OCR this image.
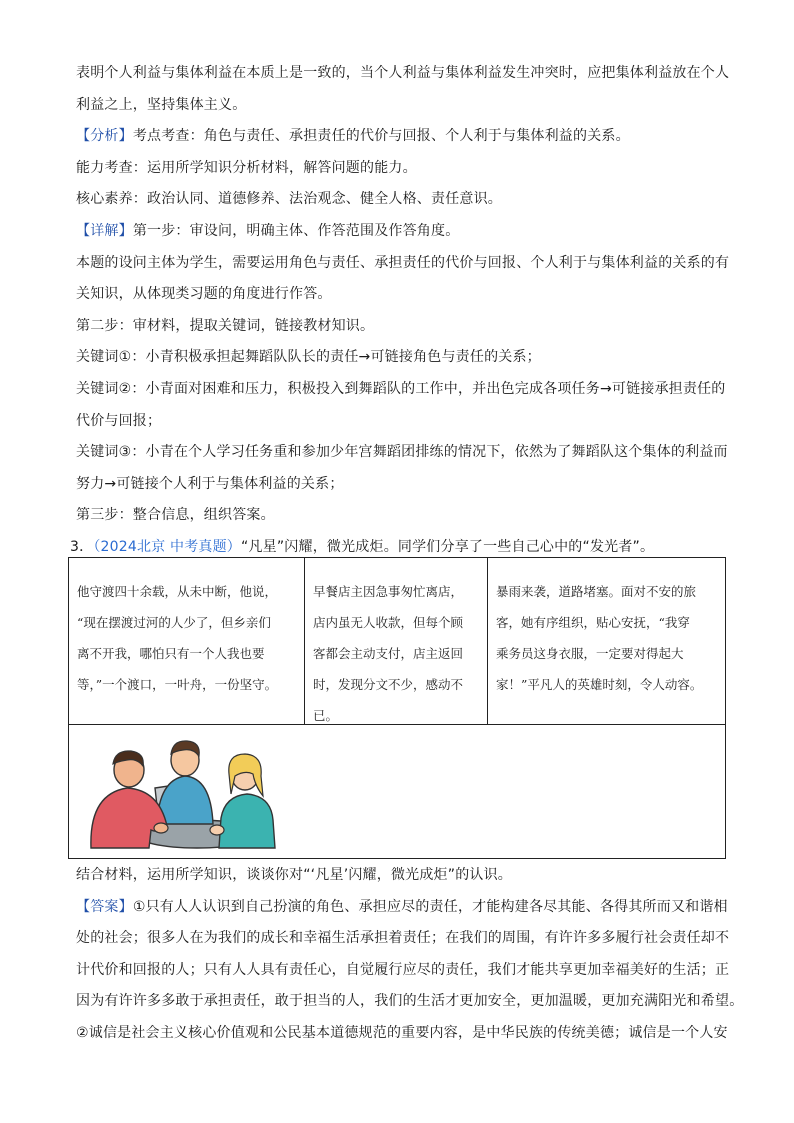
表明个人利益与集体利益在本质上是一致的，当个人利益与集体利益发生冲突时，应把集体利益放在个人
利益之上，坚持集体主义。
【分析】考点考查：角色与责任、承担责任的代价与回报、个人利于与集体利益的关系。
能力考查：运用所学知识分析材料，解答问题的能力。
核心素养：政治认同、道德修养、法治观念、健全人格、责任意识。
【详解】第一步：审设问，明确主体、作答范围及作答角度。
本题的设问主体为学生，需要运用角色与责任、承担责任的代价与回报、个人利于与集体利益的关系的有
关知识，从体现类习题的角度进行作答。
第二步：审材料，提取关键词，链接教材知识。
关键词①：小青积极承担起舞蹈队队长的责任→可链接角色与责任的关系；
关键词②：小青面对困难和压力，积极投入到舞蹈队的工作中，并出色完成各项任务→可链接承担责任的
代价与回报；
关键词③：小青在个人学习任务重和参加少年宫舞蹈团排练的情况下，依然为了舞蹈队这个集体的利益而
努力→可链接个人利于与集体利益的关系；
第三步：整合信息，组织答案。
3．（2024北京 中考真题）“凡星”闪耀，微光成炬。同学们分享了一些自己心中的“发光者”。
他守渡四十余载，从未中断，他说，
“现在摆渡过河的人少了，但乡亲们
离不开我，哪怕只有一个人我也要
等，”一个渡口，一叶舟，一份坚守。
早餐店主因急事匆忙离店，
店内虽无人收款，但每个顾
客都会主动支付，店主返回
时，发现分文不少，感动不
已。
暴雨来袭，道路堵塞。面对不安的旅
客，她有序组织，贴心安抚，“我穿
乘务员这身衣服，一定要对得起大
家！”平凡人的英雄时刻，令人动容。
结合材料，运用所学知识，谈谈你对“‘凡星’闪耀，微光成炬”的认识。
【答案】①只有人人认识到自己扮演的角色、承担应尽的责任，才能构建各尽其能、各得其所而又和谐相
处的社会；很多人在为我们的成长和幸福生活承担着责任；在我们的周围，有许许多多履行社会责任却不
计代价和回报的人；只有人人具有责任心，自觉履行应尽的责任，我们才能共享更加幸福美好的生活；正
因为有许许多多敢于承担责任，敢于担当的人，我们的生活才更加安全，更加温暖，更加充满阳光和希望。
②诚信是社会主义核心价值观和公民基本道德规范的重要内容，是中华民族的传统美德；诚信是一个人安
